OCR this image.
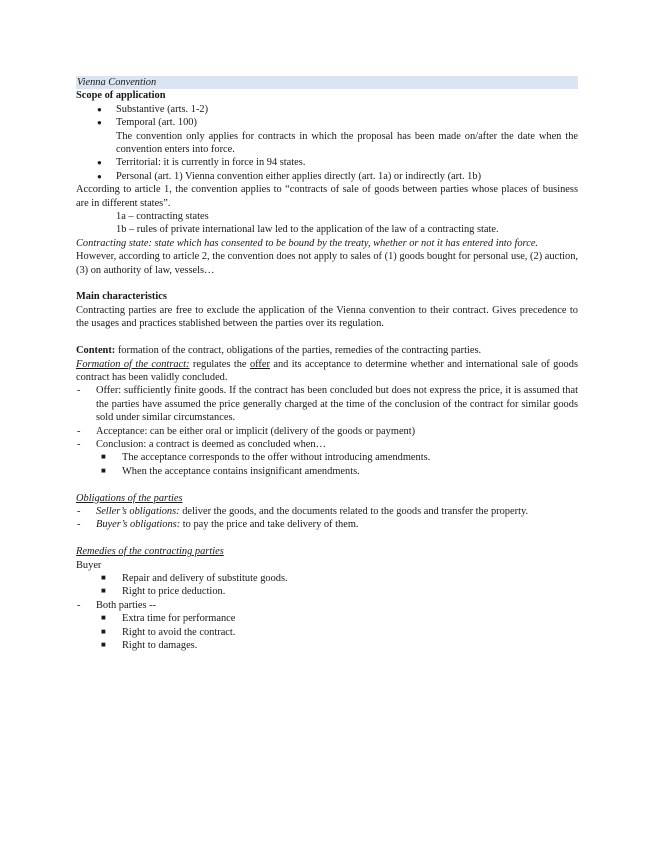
Vienna Convention
Scope of application
● Substantive (arts. 1-2)
● Temporal (art. 100)
The convention only applies for contracts in which the proposal has been made on/after the date when the convention enters into force.
● Territorial: it is currently in force in 94 states.
● Personal (art. 1) Vienna convention either applies directly (art. 1a) or indirectly (art. 1b)
According to article 1, the convention applies to “contracts of sale of goods between parties whose places of business are in different states”.
1a – contracting states
1b – rules of private international law led to the application of the law of a contracting state.
Contracting state: state which has consented to be bound by the treaty, whether or not it has entered into force.
However, according to article 2, the convention does not apply to sales of (1) goods bought for personal use, (2) auction, (3) on authority of law, vessels…
Main characteristics
Contracting parties are free to exclude the application of the Vienna convention to their contract. Gives precedence to the usages and practices stablished between the parties over its regulation.
Content: formation of the contract, obligations of the parties, remedies of the contracting parties.
Formation of the contract: regulates the offer and its acceptance to determine whether and international sale of goods contract has been validly concluded.
- Offer: sufficiently finite goods. If the contract has been concluded but does not express the price, it is assumed that the parties have assumed the price generally charged at the time of the conclusion of the contract for similar goods sold under similar circumstances.
- Acceptance: can be either oral or implicit (delivery of the goods or payment)
- Conclusion: a contract is deemed as concluded when…
■ The acceptance corresponds to the offer without introducing amendments.
■ When the acceptance contains insignificant amendments.
Obligations of the parties
- Seller’s obligations: deliver the goods, and the documents related to the goods and transfer the property.
- Buyer’s obligations: to pay the price and take delivery of them.
Remedies of the contracting parties
Buyer
■ Repair and delivery of substitute goods.
■ Right to price deduction.
- Both parties --
■ Extra time for performance
■ Right to avoid the contract.
■ Right to damages.
